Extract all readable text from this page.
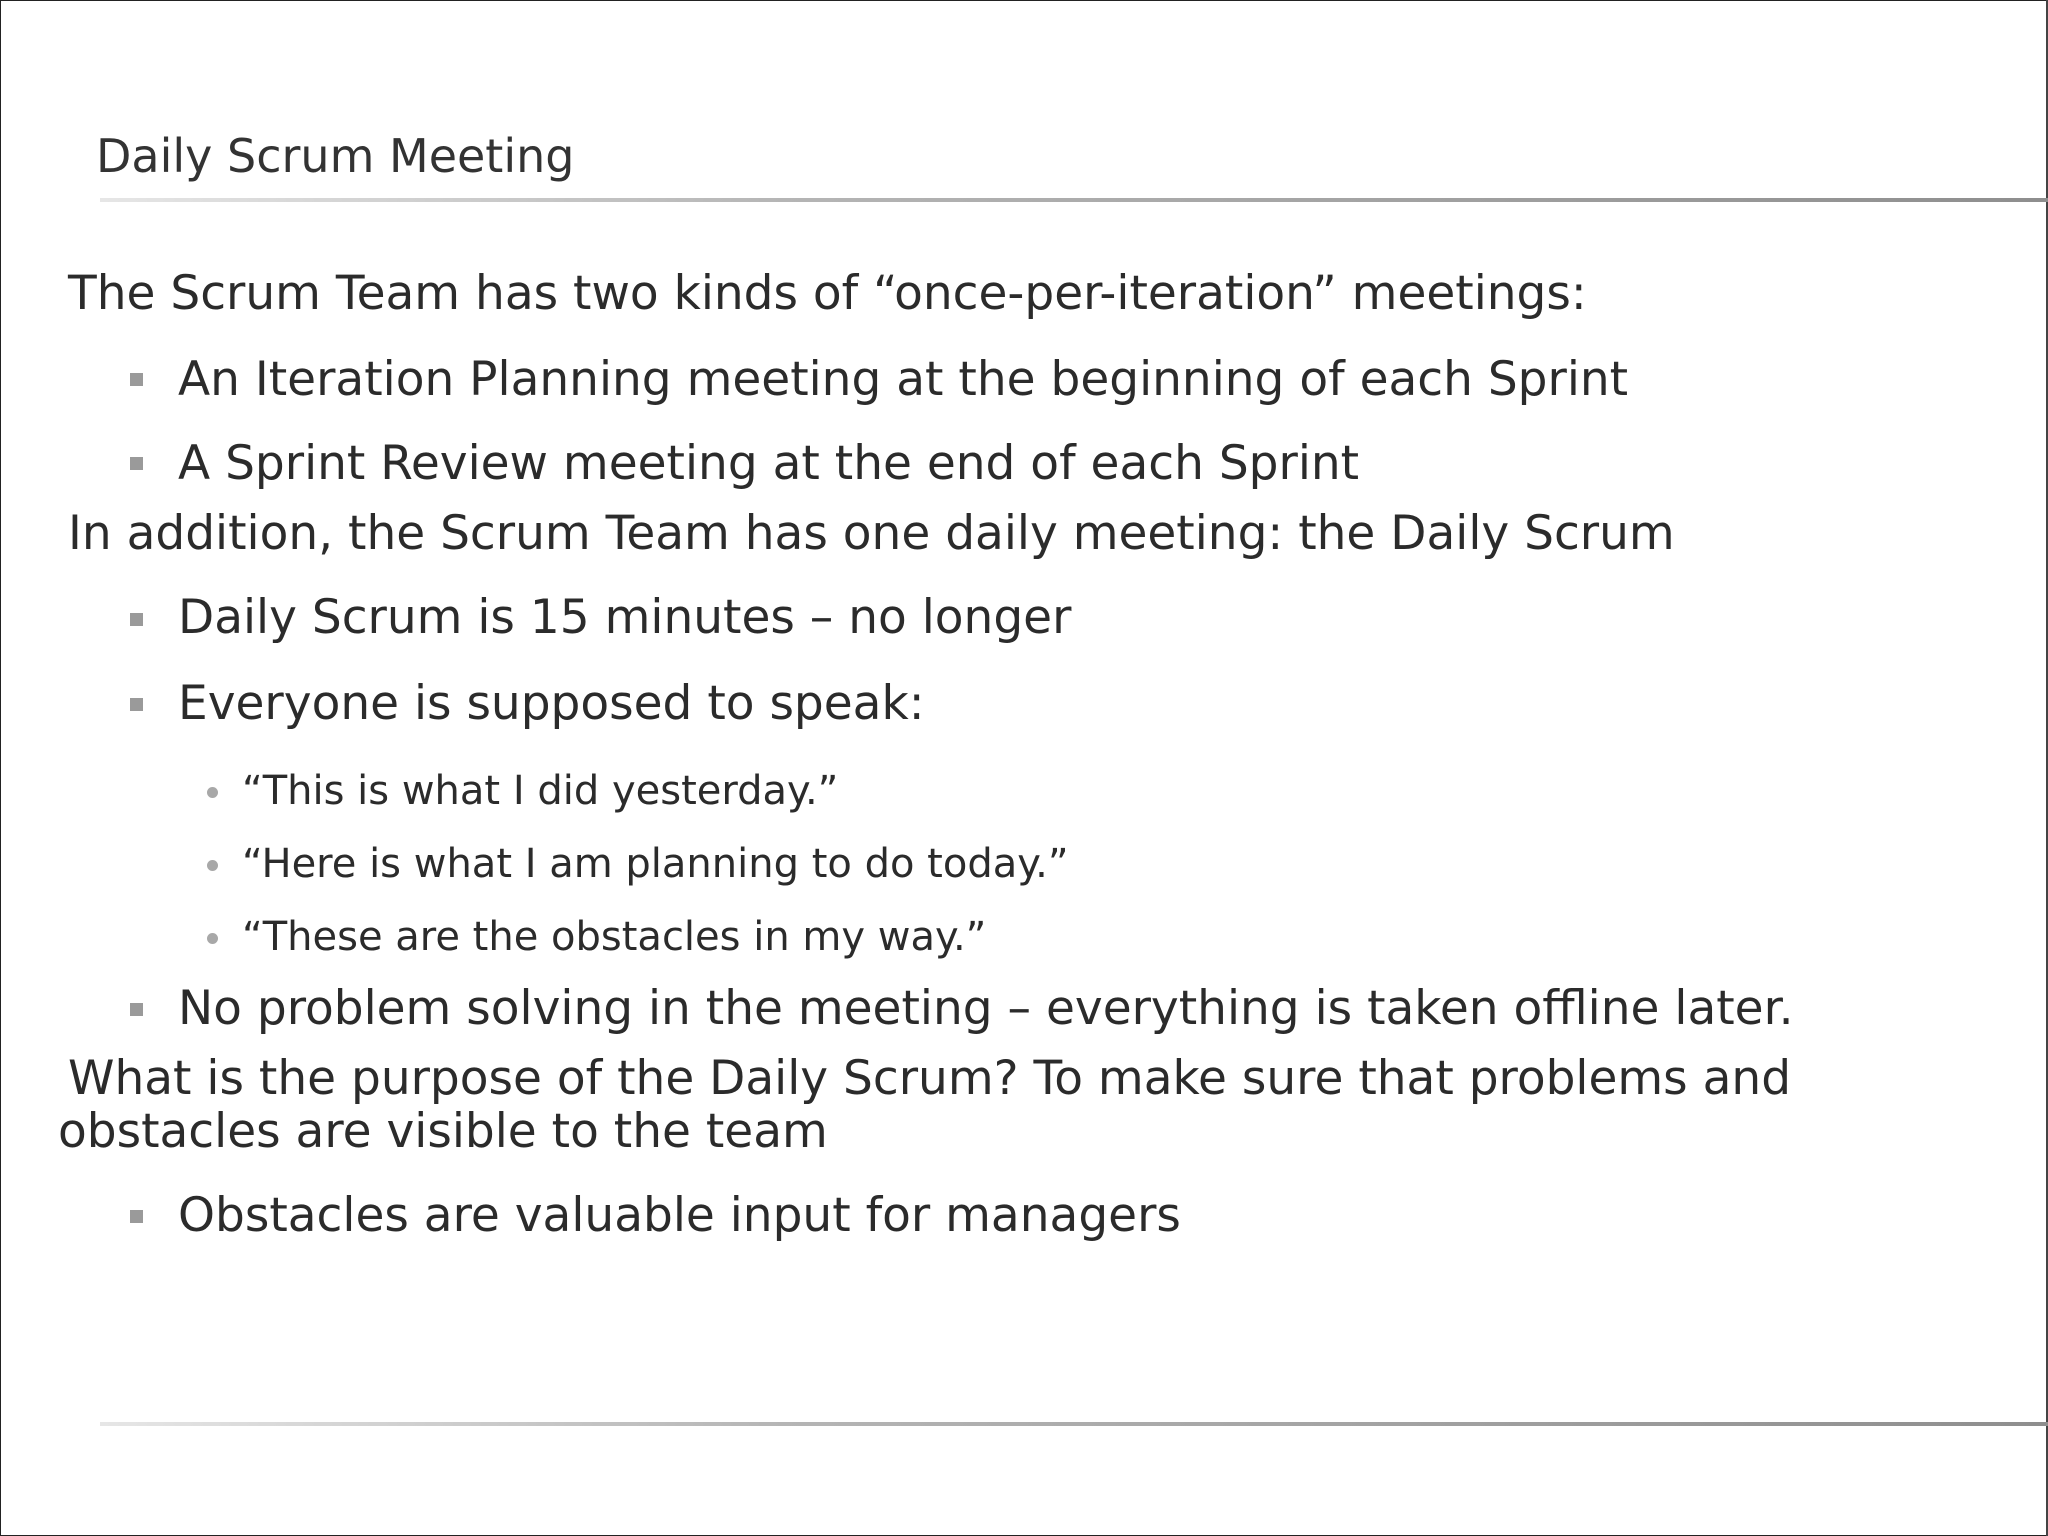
Daily Scrum Meeting
The Scrum Team has two kinds of “once-per-iteration” meetings:
An Iteration Planning meeting at the beginning of each Sprint
A Sprint Review meeting at the end of each Sprint
In addition, the Scrum Team has one daily meeting: the Daily Scrum
Daily Scrum is 15 minutes – no longer
Everyone is supposed to speak:
“This is what I did yesterday.”
“Here is what I am planning to do today.”
“These are the obstacles in my way.”
No problem solving in the meeting – everything is taken offline later.
What is the purpose of the Daily Scrum? To make sure that problems and
obstacles are visible to the team
Obstacles are valuable input for managers
